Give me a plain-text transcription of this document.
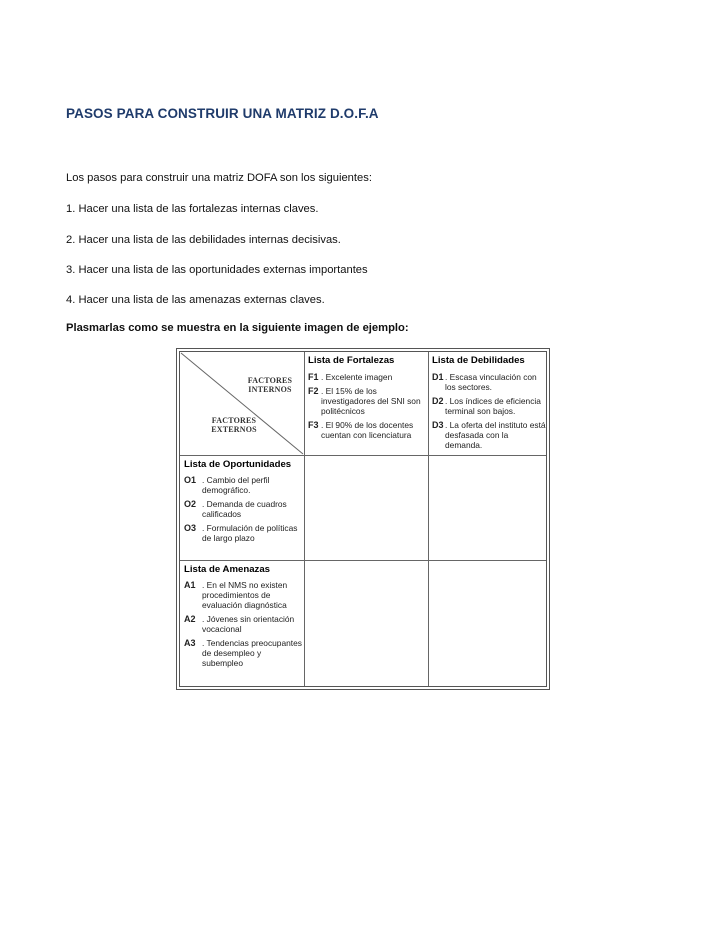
PASOS PARA CONSTRUIR UNA MATRIZ D.O.F.A
Los pasos para construir una matriz DOFA son los siguientes:
1. Hacer una lista de las fortalezas internas claves.
2. Hacer una lista de las debilidades internas decisivas.
3. Hacer una lista de las oportunidades externas importantes
4. Hacer una lista de las amenazas externas claves.
Plasmarlas como se muestra en la siguiente imagen de ejemplo:
FACTORES
INTERNOS
FACTORES
EXTERNOS
Lista de Fortalezas
F1 . Excelente imagen
F2 . El 15% de los investigadores del SNI son politécnicos
F3 . El 90% de los docentes cuentan con licenciatura
Lista de Debilidades
D1 . Escasa vinculación con los sectores.
D2 . Los índices de eficiencia terminal son bajos.
D3 . La oferta del instituto está desfasada con la demanda.
Lista de Oportunidades
O1 . Cambio del perfil demográfico.
O2 . Demanda de cuadros calificados
O3 . Formulación de políticas de largo plazo
Lista de Amenazas
A1 . En el NMS no existen procedimientos de evaluación diagnóstica
A2 . Jóvenes sin orientación vocacional
A3 . Tendencias preocupantes de desempleo y subempleo
